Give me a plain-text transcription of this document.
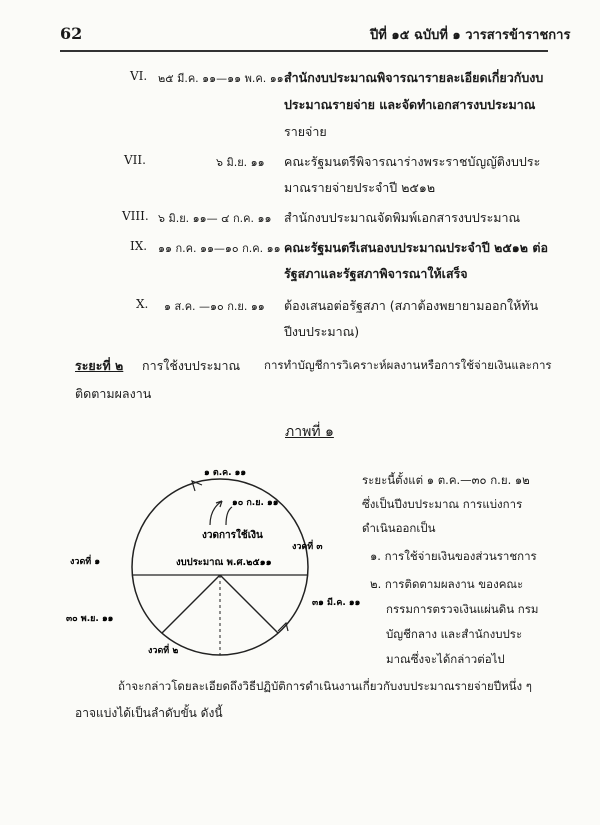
62	ปีที่ ๑๕ ฉบับที่ ๑ วารสารข้าราชการ
VI. ๒๕ มี.ค. ๑๑—๑๑ พ.ค. ๑๑ สำนักงบประมาณพิจารณารายละเอียดเกี่ยวกับงบ
ประมาณรายจ่าย และจัดทำเอกสารงบประมาณ
รายจ่าย
VII.	๖ มิ.ย. ๑๑ คณะรัฐมนตรีพิจารณาร่างพระราชบัญญัติงบประ
มาณรายจ่ายประจำปี ๒๕๑๒
VIII. ๖ มิ.ย. ๑๑— ๔ ก.ค. ๑๑ สำนักงบประมาณจัดพิมพ์เอกสารงบประมาณ
IX. ๑๑ ก.ค. ๑๑—๑๐ ก.ค. ๑๑ คณะรัฐมนตรีเสนองบประมาณประจำปี ๒๕๑๒ ต่อ
รัฐสภาและรัฐสภาพิจารณาให้เสร็จ
X. ๑ ส.ค. —๑๐ ก.ย. ๑๑ ต้องเสนอต่อรัฐสภา (สภาต้องพยายามออกให้ทัน
ปีงบประมาณ)
ระยะที่ ๒ การใช้งบประมาณ การทำบัญชีการวิเคราะห์ผลงานหรือการใช้จ่ายเงินและการ
ติดตามผลงาน
ภาพที่ ๑
๑ ต.ค. ๑๑
๑๐ ก.ย. ๑๑
งวดการใช้เงิน
งบประมาณ พ.ศ.๒๕๑๑
งวดที่ ๑
งวดที่ ๓
๓๐ พ.ย. ๑๑
๓๑ มี.ค. ๑๑
งวดที่ ๒
ระยะนี้ตั้งแต่ ๑ ต.ค.—๓๐ ก.ย. ๑๒
ซึ่งเป็นปีงบประมาณ การแบ่งการ
ดำเนินออกเป็น
๑. การใช้จ่ายเงินของส่วนราชการ
๒. การติดตามผลงาน ของคณะ
กรรมการตรวจเงินแผ่นดิน กรม
บัญชีกลาง และสำนักงบประ
มาณซึ่งจะได้กล่าวต่อไป
ถ้าจะกล่าวโดยละเอียดถึงวิธีปฏิบัติการดำเนินงานเกี่ยวกับงบประมาณรายจ่ายปีหนึ่ง ๆ
อาจแบ่งได้เป็นลำดับขั้น ดังนี้
